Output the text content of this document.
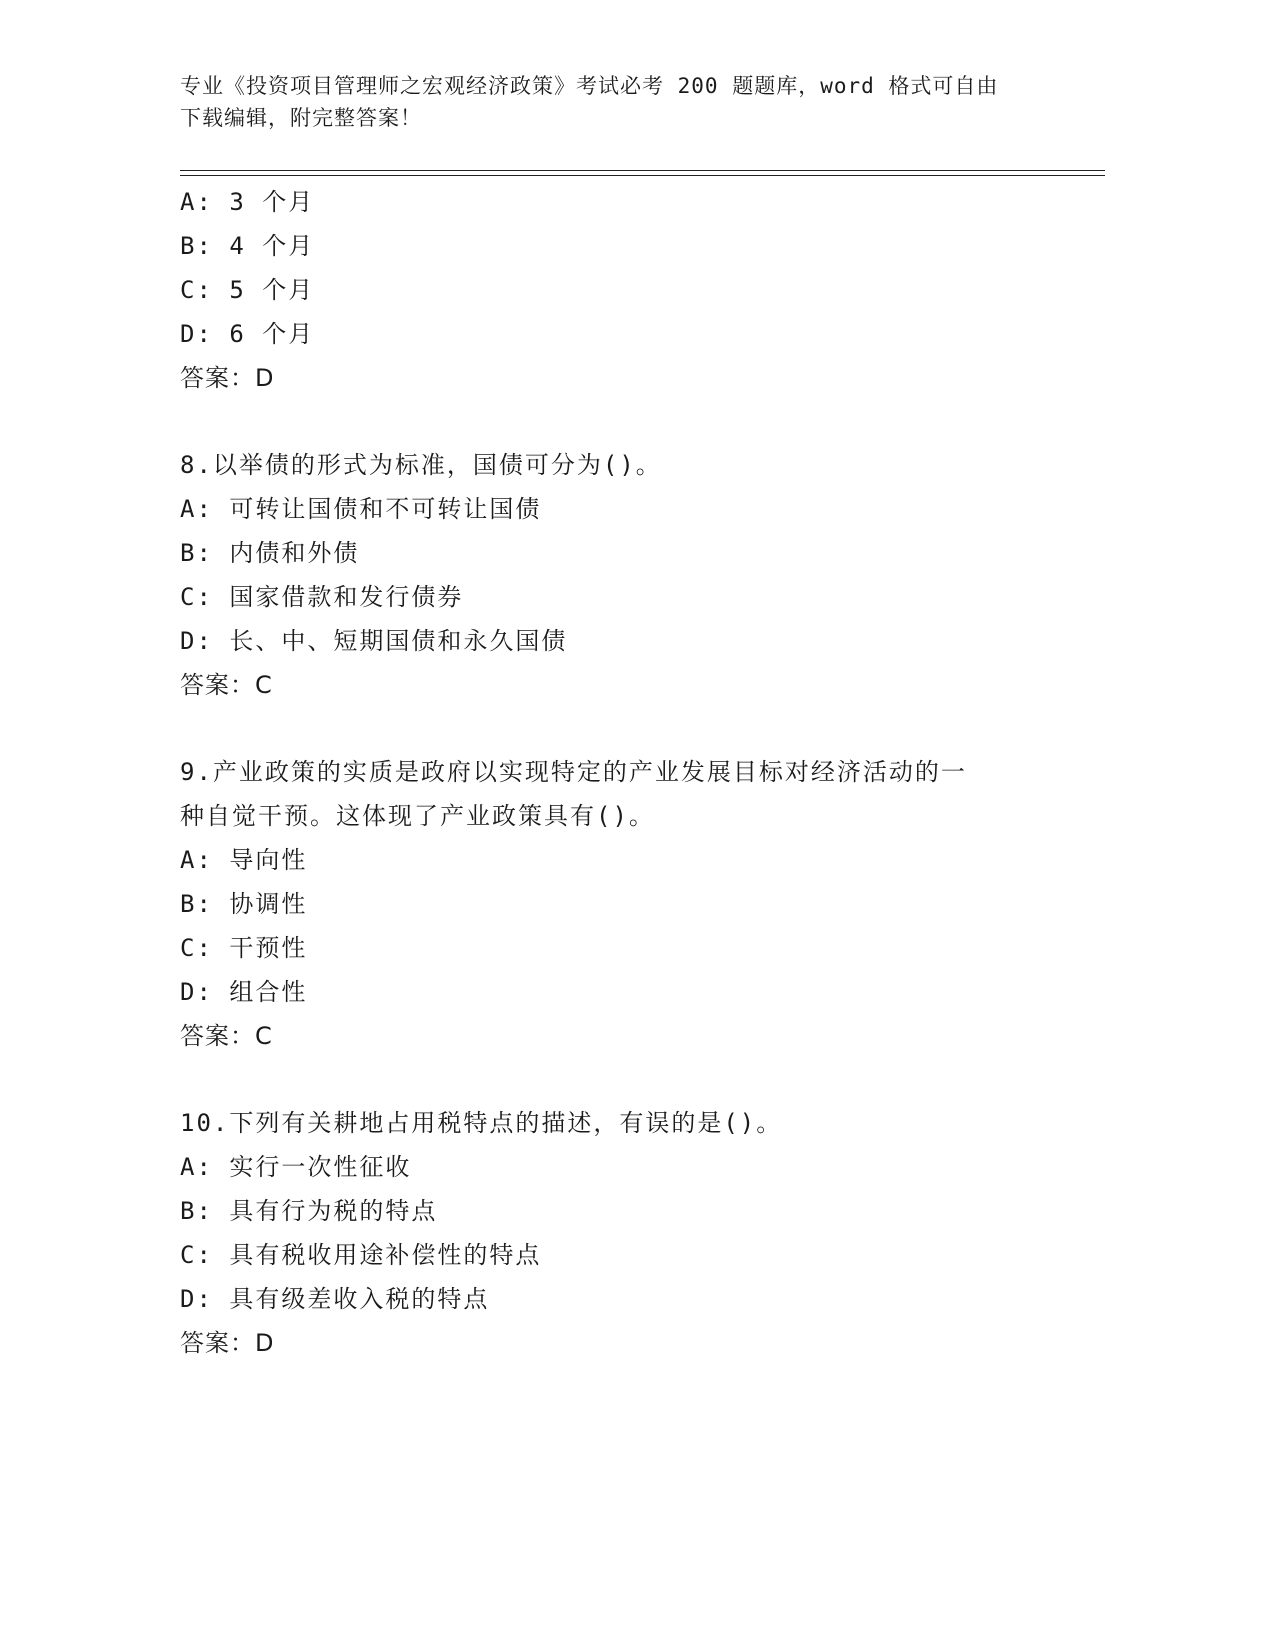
专业《投资项目管理师之宏观经济政策》考试必考 200 题题库，word 格式可自由
下载编辑，附完整答案！
A: 3 个月
B: 4 个月
C: 5 个月
D: 6 个月
答案：D
8.以举债的形式为标准，国债可分为()。
A: 可转让国债和不可转让国债
B: 内债和外债
C: 国家借款和发行债券
D: 长、中、短期国债和永久国债
答案：C
9.产业政策的实质是政府以实现特定的产业发展目标对经济活动的一
种自觉干预。这体现了产业政策具有()。
A: 导向性
B: 协调性
C: 干预性
D: 组合性
答案：C
10.下列有关耕地占用税特点的描述，有误的是()。
A: 实行一次性征收
B: 具有行为税的特点
C: 具有税收用途补偿性的特点
D: 具有级差收入税的特点
答案：D
